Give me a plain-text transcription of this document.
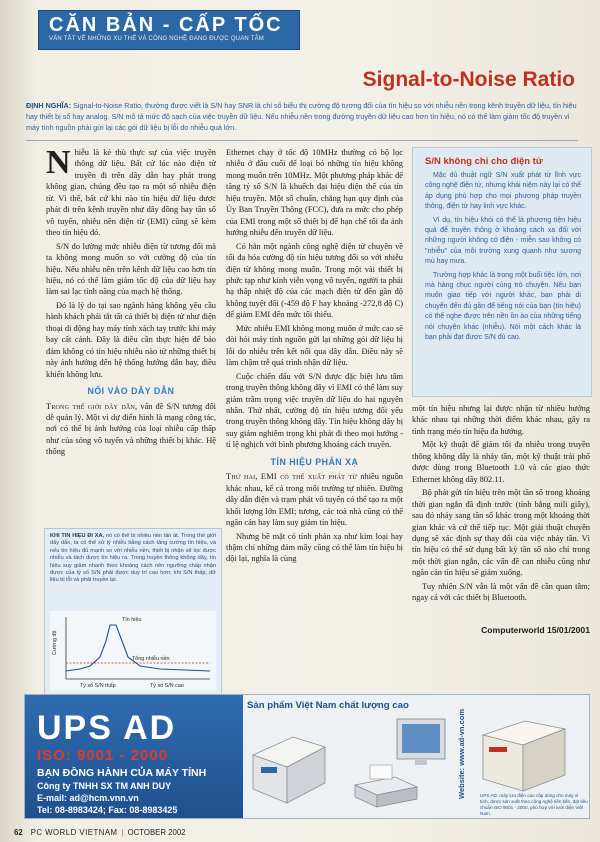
CĂN BẢN - CẤP TỐC
VẤN TẮT VỀ NHỮNG XU THẾ VÀ CÔNG NGHỆ ĐANG ĐƯỢC QUAN TÂM
Signal-to-Noise Ratio
ĐỊNH NGHĨA: Signal-to-Noise Ratio, thường được viết là S/N hay SNR là chỉ số biểu thị cường độ tương đối của tín hiệu so với nhiễu nền trong kênh truyền dữ liệu, tín hiệu hay thiết bị số hay analog. S/N mô tả mức độ sạch của việc truyền dữ liệu. Nếu nhiễu nền trong đường truyền dữ liệu cao hơn tín hiệu, nó có thể làm giảm tốc độ truyền vì máy tính nguồn phải gửi lại các gói dữ liệu bị lỗi do nhiễu quá lớn.

Nhiễu là kẻ thù thực sự của việc truyền thông dữ liệu. Bất cứ lúc nào điện tử truyền đi trên dây dẫn hay phát trong không gian, chúng đều tạo ra một số nhiễu điện từ. Vì thế, bất cứ khi nào tín hiệu dữ liệu được phát đi trên kênh truyền như dây đồng hay tần số vô tuyến, nhiễu nền điện từ (EMI) cũng sẽ kèm theo tín hiệu đó.

S/N đo lường mức nhiễu điện từ tương đối mà ta không mong muốn so với cường độ của tín hiệu. Nếu nhiễu nền trên kênh dữ liệu cao hơn tín hiệu, nó có thể làm giảm tốc độ của dữ liệu hay làm sai lạc tính năng của mạch hệ thống.

Đó là lý do tại sao ngành hàng không yêu cầu hành khách phải tắt tất cả thiết bị điện tử như điện thoại di động hay máy tính xách tay trước khi máy bay cất cánh. Đây là điều cần thực hiện để bảo đảm không có tín hiệu nhiễu nào từ những thiết bị này ảnh hưởng đến hệ thống hướng dẫn bay, điều khiển không lưu.

NỐI VÀO DÂY DẪN

Trong thế giới dây dẫn, vấn đề S/N tương đối dễ quản lý. Một vì dự điển hình là mạng công tác, nơi có thể bị ảnh hưởng của loại nhiễu cấp thấp như của sóng vô tuyến và những thiết bị khác. Hệ thống

KHI TÍN HIỆU ĐI XA, nó có thể bị nhiễu nền lấn át. Trong thế giới dây dẫn, ta có thể xử lý nhiễu bằng cách tăng cường tín hiệu, và nếu tín hiệu đủ mạnh so với nhiễu nền, thiết bị nhận sẽ lọc được nhiễu và tách được tín hiệu ra. Trong truyền thông không dây, tín hiệu suy giảm nhanh theo khoảng cách nên ngưỡng chấp nhận được của tỷ số S/N phải được duy trì cao hơn; khi S/N thấp, dữ liệu bị lỗi và phải truyền lại.
Tín hiệu
Cường độ
Tổng nhiễu nền
Tỷ số S/N thấp	Tỷ số S/N cao

Ethernet chạy ở tốc độ 10MHz thường có bộ lọc nhiễu ở đầu cuối để loại bỏ những tín hiệu không mong muốn trên 10MHz. Một phương pháp khác để tăng tỷ số S/N là khuếch đại hiệu điện thế của tín hiệu truyền. Một số chuẩn, chẳng hạn quy định của Ủy Ban Truyền Thông (FCC), đưa ra mức cho phép của EMI trong một số thiết bị để hạn chế tối đa ảnh hưởng nhiễu đến truyền dữ liệu.

Có hẳn một ngành công nghệ điện tử chuyên về tối đa hóa cường độ tín hiệu tương đối so với nhiễu điện từ không mong muốn. Trong một vài thiết bị phức tạp như kính viễn vọng vô tuyến, người ta phải hạ thấp nhiệt độ của các mạch điện tử đến gần độ không tuyệt đối (-459 độ F hay khoảng -272,8 độ C) để giảm EMI đến mức tối thiểu.

Mức nhiễu EMI không mong muốn ở mức cao sẽ đòi hỏi máy tính nguồn gửi lại những gói dữ liệu bị lỗi do nhiễu trên kết nối qua dây dẫn. Điều này sẽ làm chậm trễ quá trình nhận dữ liệu.

Cuộc chiến đấu với S/N được đặc biệt lưu tâm trong truyền thông không dây vì EMI có thể làm suy giảm trầm trọng việc truyền dữ liệu do hai nguyên nhân. Thứ nhất, cường độ tín hiệu tương đối yếu trong truyền thông không dây. Tín hiệu không dây bị suy giảm nghiêm trọng khi phát đi theo mọi hướng - tỉ lệ nghịch với bình phương khoảng cách truyền.

TÍN HIỆU PHẢN XẠ

Thứ hai, EMI có thể xuất phát từ nhiều nguồn khác nhau, kể cả trong môi trường tự nhiên. Đường dây dẫn điện và trạm phát vô tuyến có thể tạo ra một khối lượng lớn EMI; tương, các toà nhà cũng có thể ngăn cản hay làm suy giảm tín hiệu.

Nhưng bề mặt có tính phản xạ như kim loại hay thậm chí những đám mây cũng có thể làm tín hiệu bị dội lại, nghĩa là cùng

S/N không chỉ cho điện tử

Mặc dù thuật ngữ S/N xuất phát từ lĩnh vực công nghệ điện tử, nhưng khái niệm này lại có thể áp dụng phù hợp cho mọi phương pháp truyền thông, điện tử hay linh vực khác.

Ví dụ, tín hiệu khói có thể là phương tiện hiệu quả để truyền thông ở khoảng cách xa đối với những người không có điện - miễn sao không có "nhiễu" của môi trường xung quanh như sương mù hay mưa.

Trường hợp khác là trong một buổi tiệc lớn, nơi mà hàng chục người cùng trò chuyện. Nếu bạn muốn giao tiếp với người khác, bạn phải di chuyển đến đủ gần để tiếng nói của bạn (tín hiệu) có thể nghe được trên nền ồn ào của những tiếng nói chuyện khác (nhiễu). Nói một cách khác là bạn phải đạt được S/N đủ cao.

một tín hiệu nhưng lại được nhận từ nhiều hướng khác nhau tại những thời điểm khác nhau, gây ra tình trạng méo tín hiệu đa hướng.

Một kỹ thuật để giảm tối đa nhiễu trong truyền thông không dây là nhảy tần, một kỹ thuật trải phổ được dùng trong Bluetooth 1.0 và các giao thức Ethernet không dây 802.11.

Bộ phát gửi tín hiệu trên một tần số trong khoảng thời gian ngắn đã định trước (tính bằng mili giây), sau đó nhảy sang tần số khác trong một khoảng thời gian khác và cứ thế tiếp tục. Một giải thuật chuyên dụng sẽ xác định sự thay đổi của việc nhảy tần. Vì tín hiệu có thể sử dụng bất kỳ tần số nào chỉ trong một thời gian ngắn, các vấn đề can nhiễu cũng như ngăn cản tín hiệu sẽ giảm xuống.

Tuy nhiên S/N vẫn là một vấn đề cần quan tâm; ngay cả với các thiết bị Bluetooth.

Computerworld 15/01/2001
UPS AD
ISO: 9001 - 2000
BẠN ĐỒNG HÀNH CỦA MÁY TÍNH
Công ty TNHH SX TM ANH DUY
E-mail: ad@hcm.vnn.vn
Tel: 08-8983424; Fax: 08-8983425
Sản phẩm Việt Nam chất lượng cao
Website: www.ad-vn.com	UPS AD: máy lưu điện cao cấp dùng cho máy vi tính, được sản xuất theo công nghệ tiên tiến, đạt tiêu chuẩn ISO 9001 - 2000, phù hợp với lưới điện Việt Nam.
62 PC WORLD VIETNAM | OCTOBER 2002
